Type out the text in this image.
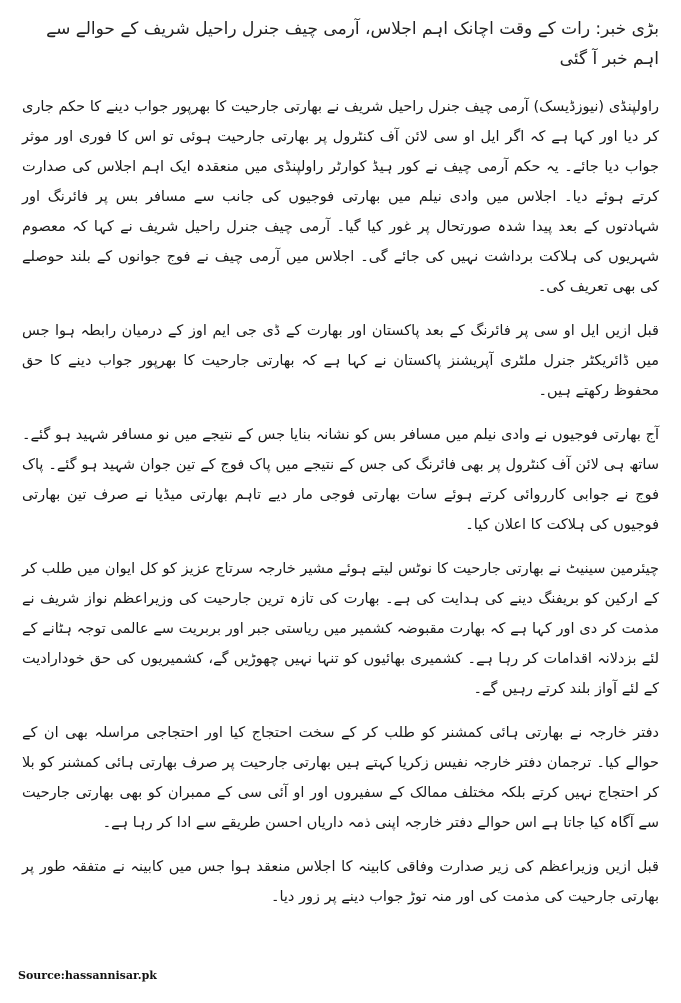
بڑی خبر: رات کے وقت اچانک اہم اجلاس، آرمی چیف جنرل راحیل شریف کے حوالے سے اہم خبر آ گئی

راولپنڈی (نیوزڈیسک) آرمی چیف جنرل راحیل شریف نے بھارتی جارحیت کا بھرپور جواب دینے کا حکم جاری کر دیا اور کہا ہے کہ اگر ایل او سی لائن آف کنٹرول پر بھارتی جارحیت ہوئی تو اس کا فوری اور موثر جواب دیا جائے۔ یہ حکم آرمی چیف نے کور ہیڈ کوارٹر راولپنڈی میں منعقدہ ایک اہم اجلاس کی صدارت کرتے ہوئے دیا۔ اجلاس میں وادی نیلم میں بھارتی فوجیوں کی جانب سے مسافر بس پر فائرنگ اور شہادتوں کے بعد پیدا شدہ صورتحال پر غور کیا گیا۔ آرمی چیف جنرل راحیل شریف نے کہا کہ معصوم شہریوں کی ہلاکت برداشت نہیں کی جائے گی۔ اجلاس میں آرمی چیف نے فوج جوانوں کے بلند حوصلے کی بھی تعریف کی۔

قبل ازیں ایل او سی پر فائرنگ کے بعد پاکستان اور بھارت کے ڈی جی ایم اوز کے درمیان رابطہ ہوا جس میں ڈائریکٹر جنرل ملٹری آپریشنز پاکستان نے کہا ہے کہ بھارتی جارحیت کا بھرپور جواب دینے کا حق محفوظ رکھتے ہیں۔

آج بھارتی فوجیوں نے وادی نیلم میں مسافر بس کو نشانہ بنایا جس کے نتیجے میں نو مسافر شہید ہو گئے۔ ساتھ ہی لائن آف کنٹرول پر بھی فائرنگ کی جس کے نتیجے میں پاک فوج کے تین جوان شہید ہو گئے۔ پاک فوج نے جوابی کارروائی کرتے ہوئے سات بھارتی فوجی مار دیے تاہم بھارتی میڈیا نے صرف تین بھارتی فوجیوں کی ہلاکت کا اعلان کیا۔

چیئرمین سینیٹ نے بھارتی جارحیت کا نوٹس لیتے ہوئے مشیر خارجہ سرتاج عزیز کو کل ایوان میں طلب کر کے ارکین کو بریفنگ دینے کی ہدایت کی ہے۔ بھارت کی تازہ ترین جارحیت کی وزیراعظم نواز شریف نے مذمت کر دی اور کہا ہے کہ بھارت مقبوضہ کشمیر میں ریاستی جبر اور بربریت سے عالمی توجہ ہٹانے کے لئے بزدلانہ اقدامات کر رہا ہے۔ کشمیری بھائیوں کو تنہا نہیں چھوڑیں گے، کشمیریوں کی حق خودارادیت کے لئے آواز بلند کرتے رہیں گے۔

دفتر خارجہ نے بھارتی ہائی کمشنر کو طلب کر کے سخت احتجاج کیا اور احتجاجی مراسلہ بھی ان کے حوالے کیا۔ ترجمان دفتر خارجہ نفیس زکریا کہتے ہیں بھارتی جارحیت پر صرف بھارتی ہائی کمشنر کو بلا کر احتجاج نہیں کرتے بلکہ مختلف ممالک کے سفیروں اور او آئی سی کے ممبران کو بھی بھارتی جارحیت سے آگاہ کیا جاتا ہے اس حوالے دفتر خارجہ اپنی ذمہ داریاں احسن طریقے سے ادا کر رہا ہے۔

قبل ازیں وزیراعظم کی زیر صدارت وفاقی کابینہ کا اجلاس منعقد ہوا جس میں کابینہ نے متفقہ طور پر بھارتی جارحیت کی مذمت کی اور منہ توڑ جواب دینے پر زور دیا۔

Source:hassannisar.pk
